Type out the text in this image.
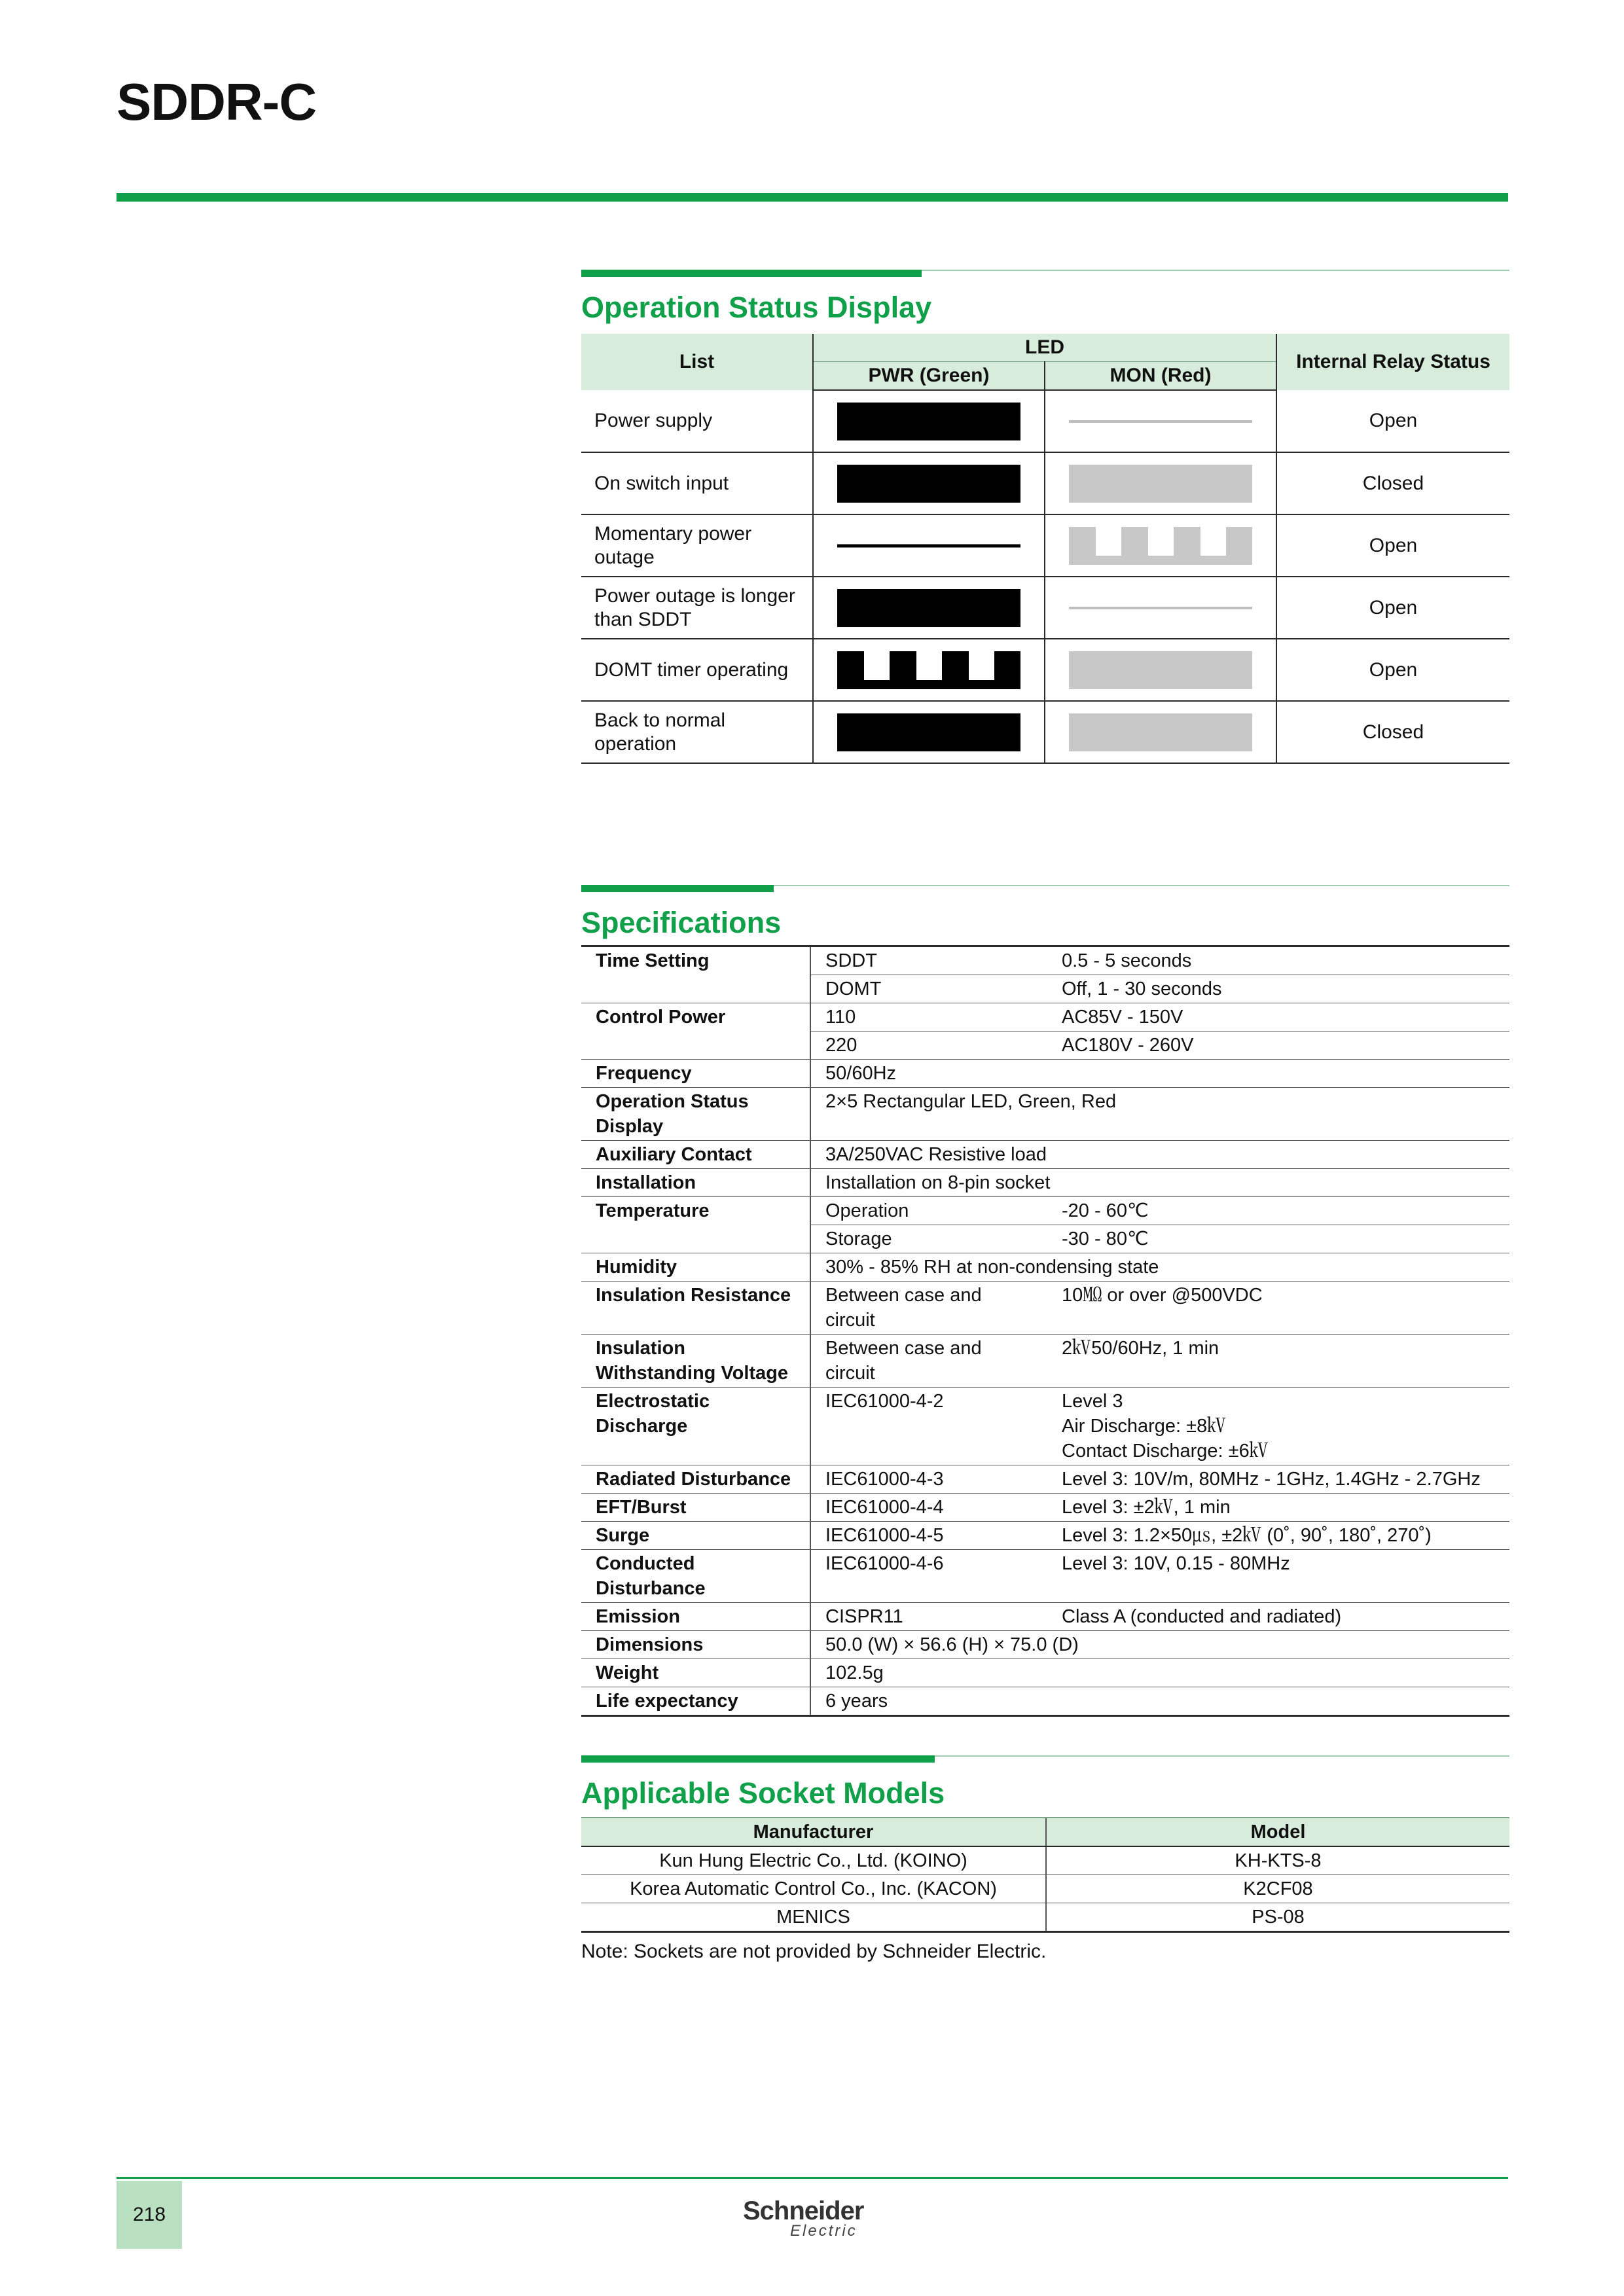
SDDR-C
Operation Status Display
List	LED		Internal Relay Status
	PWR (Green)	MON (Red)	
Power supply			Open
On switch input			Closed
Momentary power outage			Open
Power outage is longer than SDDT			Open
DOMT timer operating			Open
Back to normal operation			Closed
Specifications
Time Setting	SDDT	0.5 - 5 seconds
	DOMT	Off, 1 - 30 seconds
Control Power	110	AC85V - 150V
	220	AC180V - 260V
Frequency	50/60Hz	
Operation Status Display	2×5 Rectangular LED, Green, Red	
Auxiliary Contact	3A/250VAC Resistive load	
Installation	Installation on 8-pin socket	
Temperature	Operation	-20 - 60℃
	Storage	-30 - 80℃
Humidity	30% - 85% RH at non-condensing state	
Insulation Resistance	Between case and circuit	10㏁ or over @500VDC
Insulation Withstanding Voltage	Between case and circuit	2㎸50/60Hz, 1 min
Electrostatic Discharge	IEC61000-4-2	Level 3
Air Discharge: ±8㎸
Contact Discharge: ±6㎸
Radiated Disturbance	IEC61000-4-3	Level 3: 10V/m, 80MHz - 1GHz, 1.4GHz - 2.7GHz
EFT/Burst	IEC61000-4-4	Level 3: ±2㎸, 1 min
Surge	IEC61000-4-5	Level 3: 1.2×50㎲, ±2㎸ (0˚, 90˚, 180˚, 270˚)
Conducted Disturbance	IEC61000-4-6	Level 3: 10V, 0.15 - 80MHz
Emission	CISPR11	Class A (conducted and radiated)
Dimensions	50.0 (W) × 56.6 (H) × 75.0 (D)	
Weight	102.5g	
Life expectancy	6 years	
Applicable Socket Models
Manufacturer	Model
Kun Hung Electric Co., Ltd. (KOINO)	KH-KTS-8
Korea Automatic Control Co., Inc. (KACON)	K2CF08
MENICS	PS-08
Note: Sockets are not provided by Schneider Electric.
218	Schneider
Electric
